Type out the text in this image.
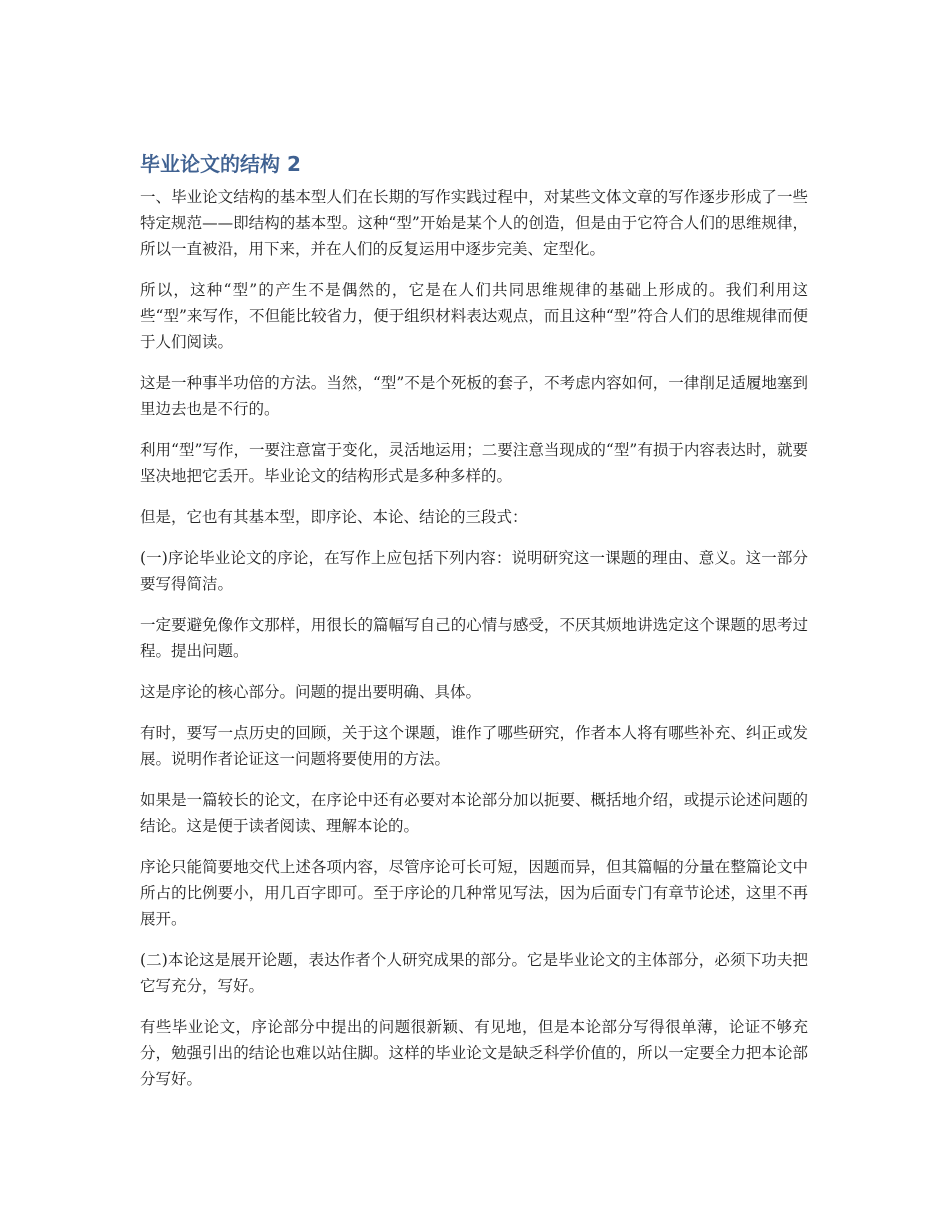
毕业论文的结构 2

一、毕业论文结构的基本型人们在长期的写作实践过程中，对某些文体文章的写作逐步形成了一些特定规范——即结构的基本型。这种“型”开始是某个人的创造，但是由于它符合人们的思维规律，所以一直被沿，用下来，并在人们的反复运用中逐步完美、定型化。

所以，这种“型”的产生不是偶然的，它是在人们共同思维规律的基础上形成的。我们利用这些“型”来写作，不但能比较省力，便于组织材料表达观点，而且这种“型”符合人们的思维规律而便于人们阅读。

这是一种事半功倍的方法。当然，“型”不是个死板的套子，不考虑内容如何，一律削足适履地塞到里边去也是不行的。

利用“型”写作，一要注意富于变化，灵活地运用；二要注意当现成的“型”有损于内容表达时，就要坚决地把它丢开。毕业论文的结构形式是多种多样的。

但是，它也有其基本型，即序论、本论、结论的三段式：

(一)序论毕业论文的序论，在写作上应包括下列内容：说明研究这一课题的理由、意义。这一部分要写得简洁。

一定要避免像作文那样，用很长的篇幅写自己的心情与感受，不厌其烦地讲选定这个课题的思考过程。提出问题。

这是序论的核心部分。问题的提出要明确、具体。

有时，要写一点历史的回顾，关于这个课题，谁作了哪些研究，作者本人将有哪些补充、纠正或发展。说明作者论证这一问题将要使用的方法。

如果是一篇较长的论文，在序论中还有必要对本论部分加以扼要、概括地介绍，或提示论述问题的结论。这是便于读者阅读、理解本论的。

序论只能简要地交代上述各项内容，尽管序论可长可短，因题而异，但其篇幅的分量在整篇论文中所占的比例要小，用几百字即可。至于序论的几种常见写法，因为后面专门有章节论述，这里不再展开。

(二)本论这是展开论题，表达作者个人研究成果的部分。它是毕业论文的主体部分，必须下功夫把它写充分，写好。

有些毕业论文，序论部分中提出的问题很新颖、有见地，但是本论部分写得很单薄，论证不够充分，勉强引出的结论也难以站住脚。这样的毕业论文是缺乏科学价值的，所以一定要全力把本论部分写好。
